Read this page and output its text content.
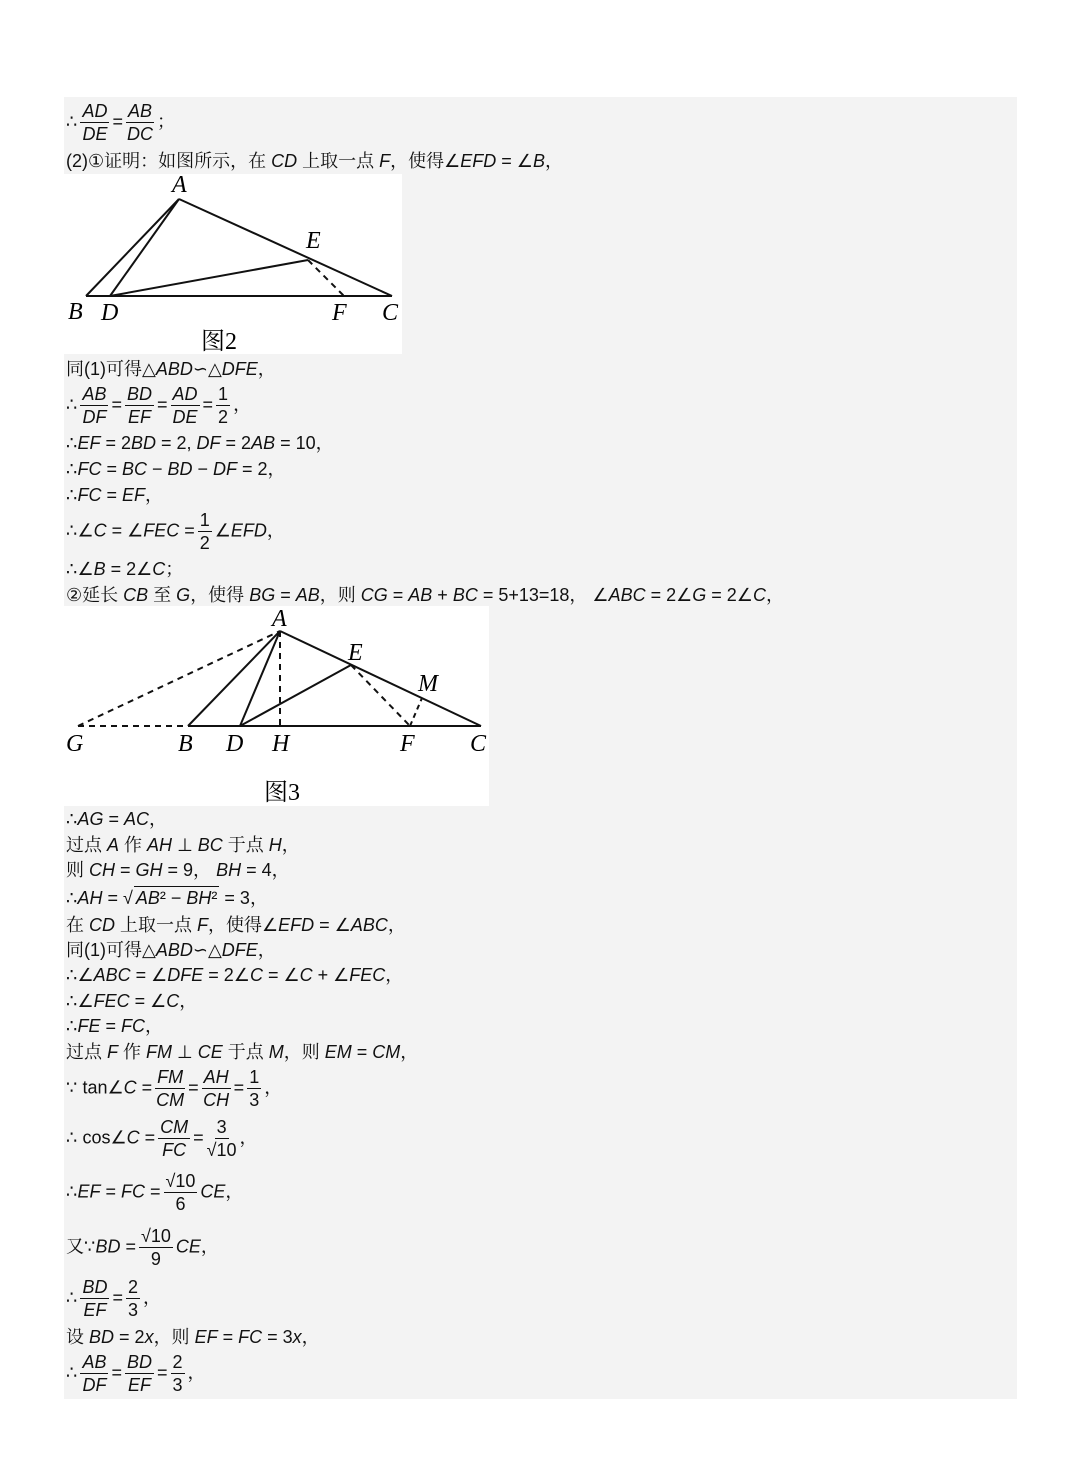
∴ $\frac{AD}{DE} = \frac{AB}{DC}$ ；
(2)①证明：如图所示，在 CD 上取一点 F，使得∠EFD = ∠B，
A
E
B D	F C
图2
同(1)可得△ABD∽△DFE，
∴ $\frac{AB}{DF} = \frac{BD}{EF} = \frac{AD}{DE} = \frac{1}{2}$ ，
∴EF = 2BD = 2, DF = 2AB = 10，
∴FC = BC − BD − DF = 2，
∴FC = EF，
∴∠C = ∠FEC = $\frac{1}{2}$ ∠EFD，
∴∠B = 2∠C；
②延长 CB 至 G，使得 BG = AB，则 CG = AB + BC = 5+13=18， ∠ABC = 2∠G = 2∠C，
A
E
M
G	B D H	F C
图3
∴AG = AC，
过点 A 作 AH ⊥ BC 于点 H，
则 CH = GH = 9， BH = 4，
∴AH = √ AB² − BH² = 3，
在 CD 上取一点 F，使得∠EFD = ∠ABC，
同(1)可得△ABD∽△DFE，
∴∠ABC = ∠DFE = 2∠C = ∠C + ∠FEC，
∴∠FEC = ∠C，
∴FE = FC，
过点 F 作 FM ⊥ CE 于点 M，则 EM = CM，
∵ tan∠C = $\frac{FM}{CM} = \frac{AH}{CH} = \frac{1}{3}$ ，
∴ cos∠C = $\frac{CM}{FC} = \frac{3}{√10}$ ，
∴EF = FC = $\frac{√10}{6}$ CE，
又∵BD = $\frac{√10}{9}$ CE，
∴ $\frac{BD}{EF} = \frac{2}{3}$ ，
设 BD = 2x，则 EF = FC = 3x，
∴ $\frac{AB}{DF} = \frac{BD}{EF} = \frac{2}{3}$ ，
